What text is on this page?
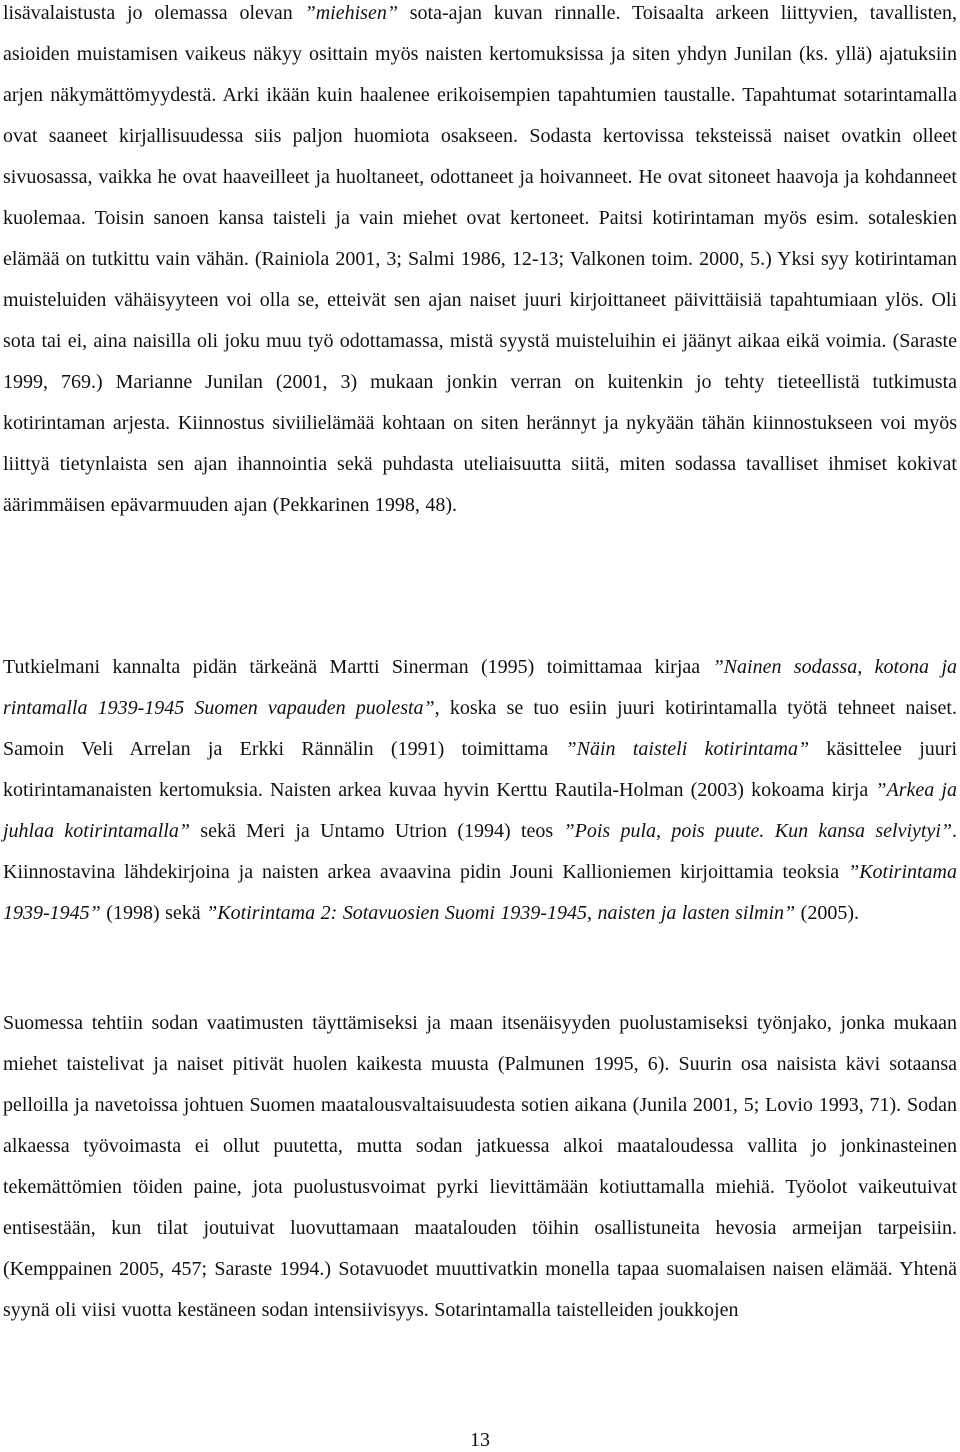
lisävalaistusta jo olemassa olevan ”miehisen” sota-ajan kuvan rinnalle. Toisaalta arkeen liittyvien, tavallisten, asioiden muistamisen vaikeus näkyy osittain myös naisten kertomuksissa ja siten yhdyn Junilan (ks. yllä) ajatuksiin arjen näkymättömyydestä. Arki ikään kuin haalenee erikoisempien tapahtumien taustalle. Tapahtumat sotarintamalla ovat saaneet kirjallisuudessa siis paljon huomiota osakseen. Sodasta kertovissa teksteissä naiset ovatkin olleet sivuosassa, vaikka he ovat haaveilleet ja huoltaneet, odottaneet ja hoivanneet. He ovat sitoneet haavoja ja kohdanneet kuolemaa. Toisin sanoen kansa taisteli ja vain miehet ovat kertoneet. Paitsi kotirintaman myös esim. sotaleskien elämää on tutkittu vain vähän. (Rainiola 2001, 3; Salmi 1986, 12-13; Valkonen toim. 2000, 5.) Yksi syy kotirintaman muisteluiden vähäisyyteen voi olla se, etteivät sen ajan naiset juuri kirjoittaneet päivittäisiä tapahtumiaan ylös. Oli sota tai ei, aina naisilla oli joku muu työ odottamassa, mistä syystä muisteluihin ei jäänyt aikaa eikä voimia. (Saraste 1999, 769.) Marianne Junilan (2001, 3) mukaan jonkin verran on kuitenkin jo tehty tieteellistä tutkimusta kotirintaman arjesta. Kiinnostus siviilielämää kohtaan on siten herännyt ja nykyään tähän kiinnostukseen voi myös liittyä tietynlaista sen ajan ihannointia sekä puhdasta uteliaisuutta siitä, miten sodassa tavalliset ihmiset kokivat äärimmäisen epävarmuuden ajan (Pekkarinen 1998, 48).

Tutkielmani kannalta pidän tärkeänä Martti Sinerman (1995) toimittamaa kirjaa ”Nainen sodassa, kotona ja rintamalla 1939-1945 Suomen vapauden puolesta”, koska se tuo esiin juuri kotirintamalla työtä tehneet naiset. Samoin Veli Arrelan ja Erkki Rännälin (1991) toimittama ”Näin taisteli kotirintama” käsittelee juuri kotirintamanaisten kertomuksia. Naisten arkea kuvaa hyvin Kerttu Rautila-Holman (2003) kokoama kirja ”Arkea ja juhlaa kotirintamalla” sekä Meri ja Untamo Utrion (1994) teos ”Pois pula, pois puute. Kun kansa selviytyi”. Kiinnostavina lähdekirjoina ja naisten arkea avaavina pidin Jouni Kallioniemen kirjoittamia teoksia ”Kotirintama 1939-1945” (1998) sekä ”Kotirintama 2: Sotavuosien Suomi 1939-1945, naisten ja lasten silmin” (2005).

Suomessa tehtiin sodan vaatimusten täyttämiseksi ja maan itsenäisyyden puolustamiseksi työnjako, jonka mukaan miehet taistelivat ja naiset pitivät huolen kaikesta muusta (Palmunen 1995, 6). Suurin osa naisista kävi sotaansa pelloilla ja navetoissa johtuen Suomen maatalousvaltaisuudesta sotien aikana (Junila 2001, 5; Lovio 1993, 71). Sodan alkaessa työvoimasta ei ollut puutetta, mutta sodan jatkuessa alkoi maataloudessa vallita jo jonkinasteinen tekemättömien töiden paine, jota puolustusvoimat pyrki lievittämään kotiuttamalla miehiä. Työolot vaikeutuivat entisestään, kun tilat joutuivat luovuttamaan maatalouden töihin osallistuneita hevosia armeijan tarpeisiin. (Kemppainen 2005, 457; Saraste 1994.) Sotavuodet muuttivatkin monella tapaa suomalaisen naisen elämää. Yhtenä syynä oli viisi vuotta kestäneen sodan intensiivisyys. Sotarintamalla taistelleiden joukkojen

13
